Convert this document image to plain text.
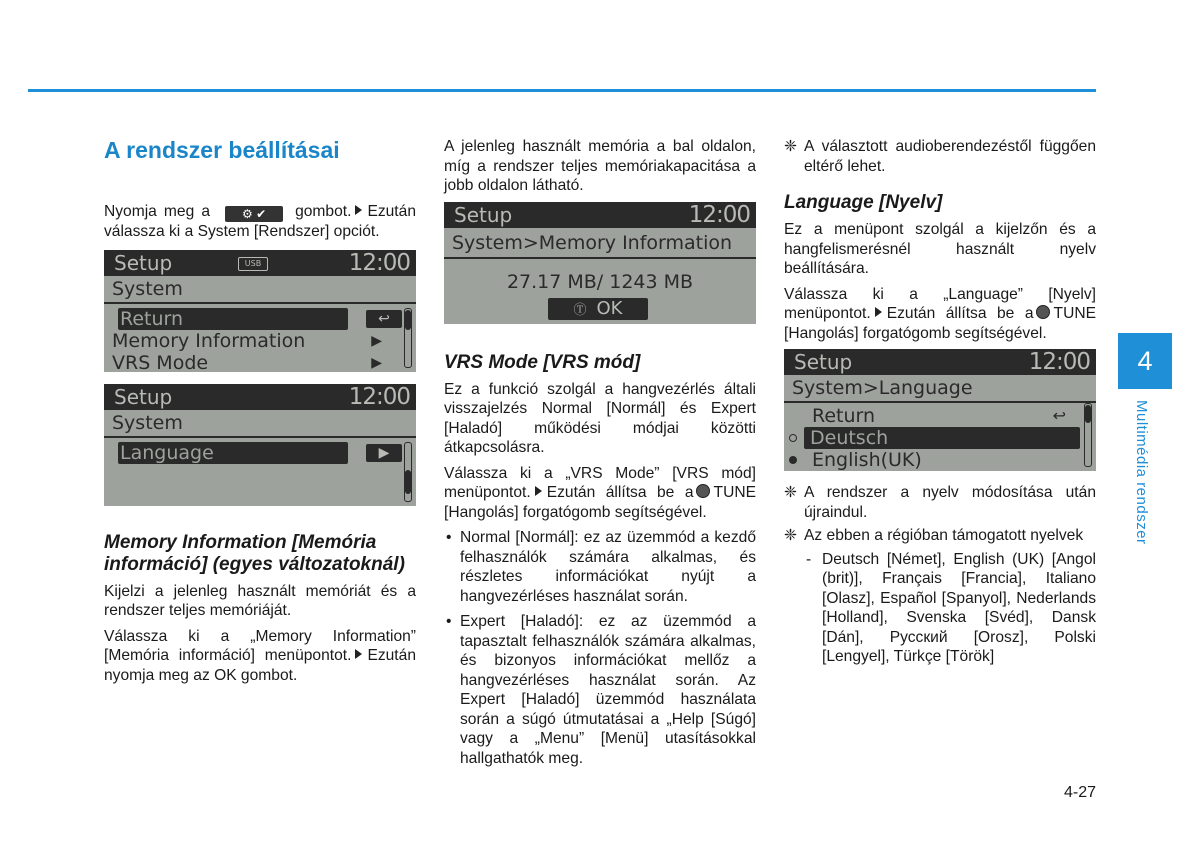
A rendszer beállításai

Nyomja meg a	⚙ ✔ gombot. Ezután válassza ki a System [Rendszer] opciót.

Setup	USB	12:00
System
Return	↩
Memory Information	▶
VRS Mode	▶
Setup	12:00
System
Language	▶
Memory Information [Memória információ] (egyes változatoknál)

Kijelzi a jelenleg használt memóriát és a rendszer teljes memóriáját.

Válassza ki a „Memory Information” [Memória információ] menüpontot. Ezután nyomja meg az OK gombot.

A jelenleg használt memória a bal oldalon, míg a rendszer teljes memóriakapacitása a jobb oldalon látható.

Setup	12:00
System>Memory Information
27.17 MB/ 1243 MB
Ⓣ OK
VRS Mode [VRS mód]

Ez a funkció szolgál a hangvezérlés általi visszajelzés Normal [Normál] és Expert [Haladó] működési módjai közötti átkapcsolásra.

Válassza ki a „VRS Mode” [VRS mód] menüpontot. Ezután állítsa be a TUNE [Hangolás] forgatógomb segítségével.

• Normal [Normál]: ez az üzemmód a kezdő felhasználók számára alkalmas, és részletes információkat nyújt a hangvezérléses használat során.
• Expert [Haladó]: ez az üzemmód a tapasztalt felhasználók számára alkalmas, és bizonyos információkat mellőz a hangvezérléses használat során. Az Expert [Haladó] üzemmód használata során a súgó útmutatásai a „Help [Súgó] vagy a „Menu” [Menü] utasításokkal hallgathatók meg.
❈ A választott audioberendezéstől függően eltérő lehet.
Language [Nyelv]

Ez a menüpont szolgál a kijelzőn és a hangfelismerésnél használt nyelv beállítására.

Válassza ki a „Language” [Nyelv] menüpontot. Ezután állítsa be a TUNE [Hangolás] forgatógomb segítségével.

Setup	12:00
System>Language
Return	↩
Deutsch
English(UK)
❈ A rendszer a nyelv módosítása után újraindul.
❈ Az ebben a régióban támogatott nyelvek
- Deutsch [Német], English (UK) [Angol (brit)], Français [Francia], Italiano [Olasz], Español [Spanyol], Nederlands [Holland], Svenska [Svéd], Dansk [Dán], Русский [Orosz], Polski [Lengyel], Türkçe [Török]
4
Multimédia rendszer
4-27
